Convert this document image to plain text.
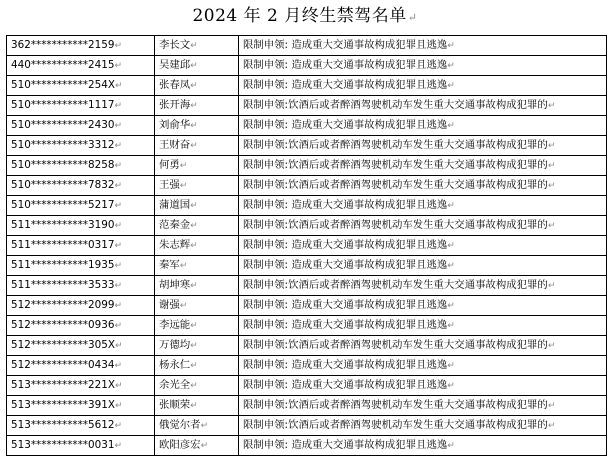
2024 年 2 月终生禁驾名单↵
362***********2159↵	李长文↵	限制申领: 造成重大交通事故构成犯罪且逃逸↵
440***********2415↵	吴建邱↵	限制申领: 造成重大交通事故构成犯罪且逃逸↵
510***********254X↵	张春凤↵	限制申领: 造成重大交通事故构成犯罪且逃逸↵
510***********1117↵	张开海↵	限制申领:饮酒后或者醉酒驾驶机动车发生重大交通事故构成犯罪的↵
510***********2430↵	刘俞华↵	限制申领: 造成重大交通事故构成犯罪且逃逸↵
510***********3312↵	王财奋↵	限制申领:饮酒后或者醉酒驾驶机动车发生重大交通事故构成犯罪的↵
510***********8258↵	何勇↵	限制申领:饮酒后或者醉酒驾驶机动车发生重大交通事故构成犯罪的↵
510***********7832↵	王强↵	限制申领:饮酒后或者醉酒驾驶机动车发生重大交通事故构成犯罪的↵
510***********5217↵	蒲道国↵	限制申领: 造成重大交通事故构成犯罪且逃逸↵
511***********3190↵	范秦金↵	限制申领:饮酒后或者醉酒驾驶机动车发生重大交通事故构成犯罪的↵
511***********0317↵	朱志辉↵	限制申领: 造成重大交通事故构成犯罪且逃逸↵
511***********1935↵	秦军↵	限制申领: 造成重大交通事故构成犯罪且逃逸↵
511***********3533↵	胡坤寒↵	限制申领:饮酒后或者醉酒驾驶机动车发生重大交通事故构成犯罪的↵
512***********2099↵	谢强↵	限制申领: 造成重大交通事故构成犯罪且逃逸↵
512***********0936↵	李远能↵	限制申领: 造成重大交通事故构成犯罪且逃逸↵
512***********305X↵	万德均↵	限制申领:饮酒后或者醉酒驾驶机动车发生重大交通事故构成犯罪的↵
512***********0434↵	杨永仁↵	限制申领: 造成重大交通事故构成犯罪且逃逸↵
513***********221X↵	余光全↵	限制申领: 造成重大交通事故构成犯罪且逃逸↵
513***********391X↵	张顺荣↵	限制申领:饮酒后或者醉酒驾驶机动车发生重大交通事故构成犯罪的↵
513***********5612↵	俄觉尔者↵	限制申领:饮酒后或者醉酒驾驶机动车发生重大交通事故构成犯罪的↵
513***********0031↵	欧阳彦宏↵	限制申领: 造成重大交通事故构成犯罪且逃逸↵
